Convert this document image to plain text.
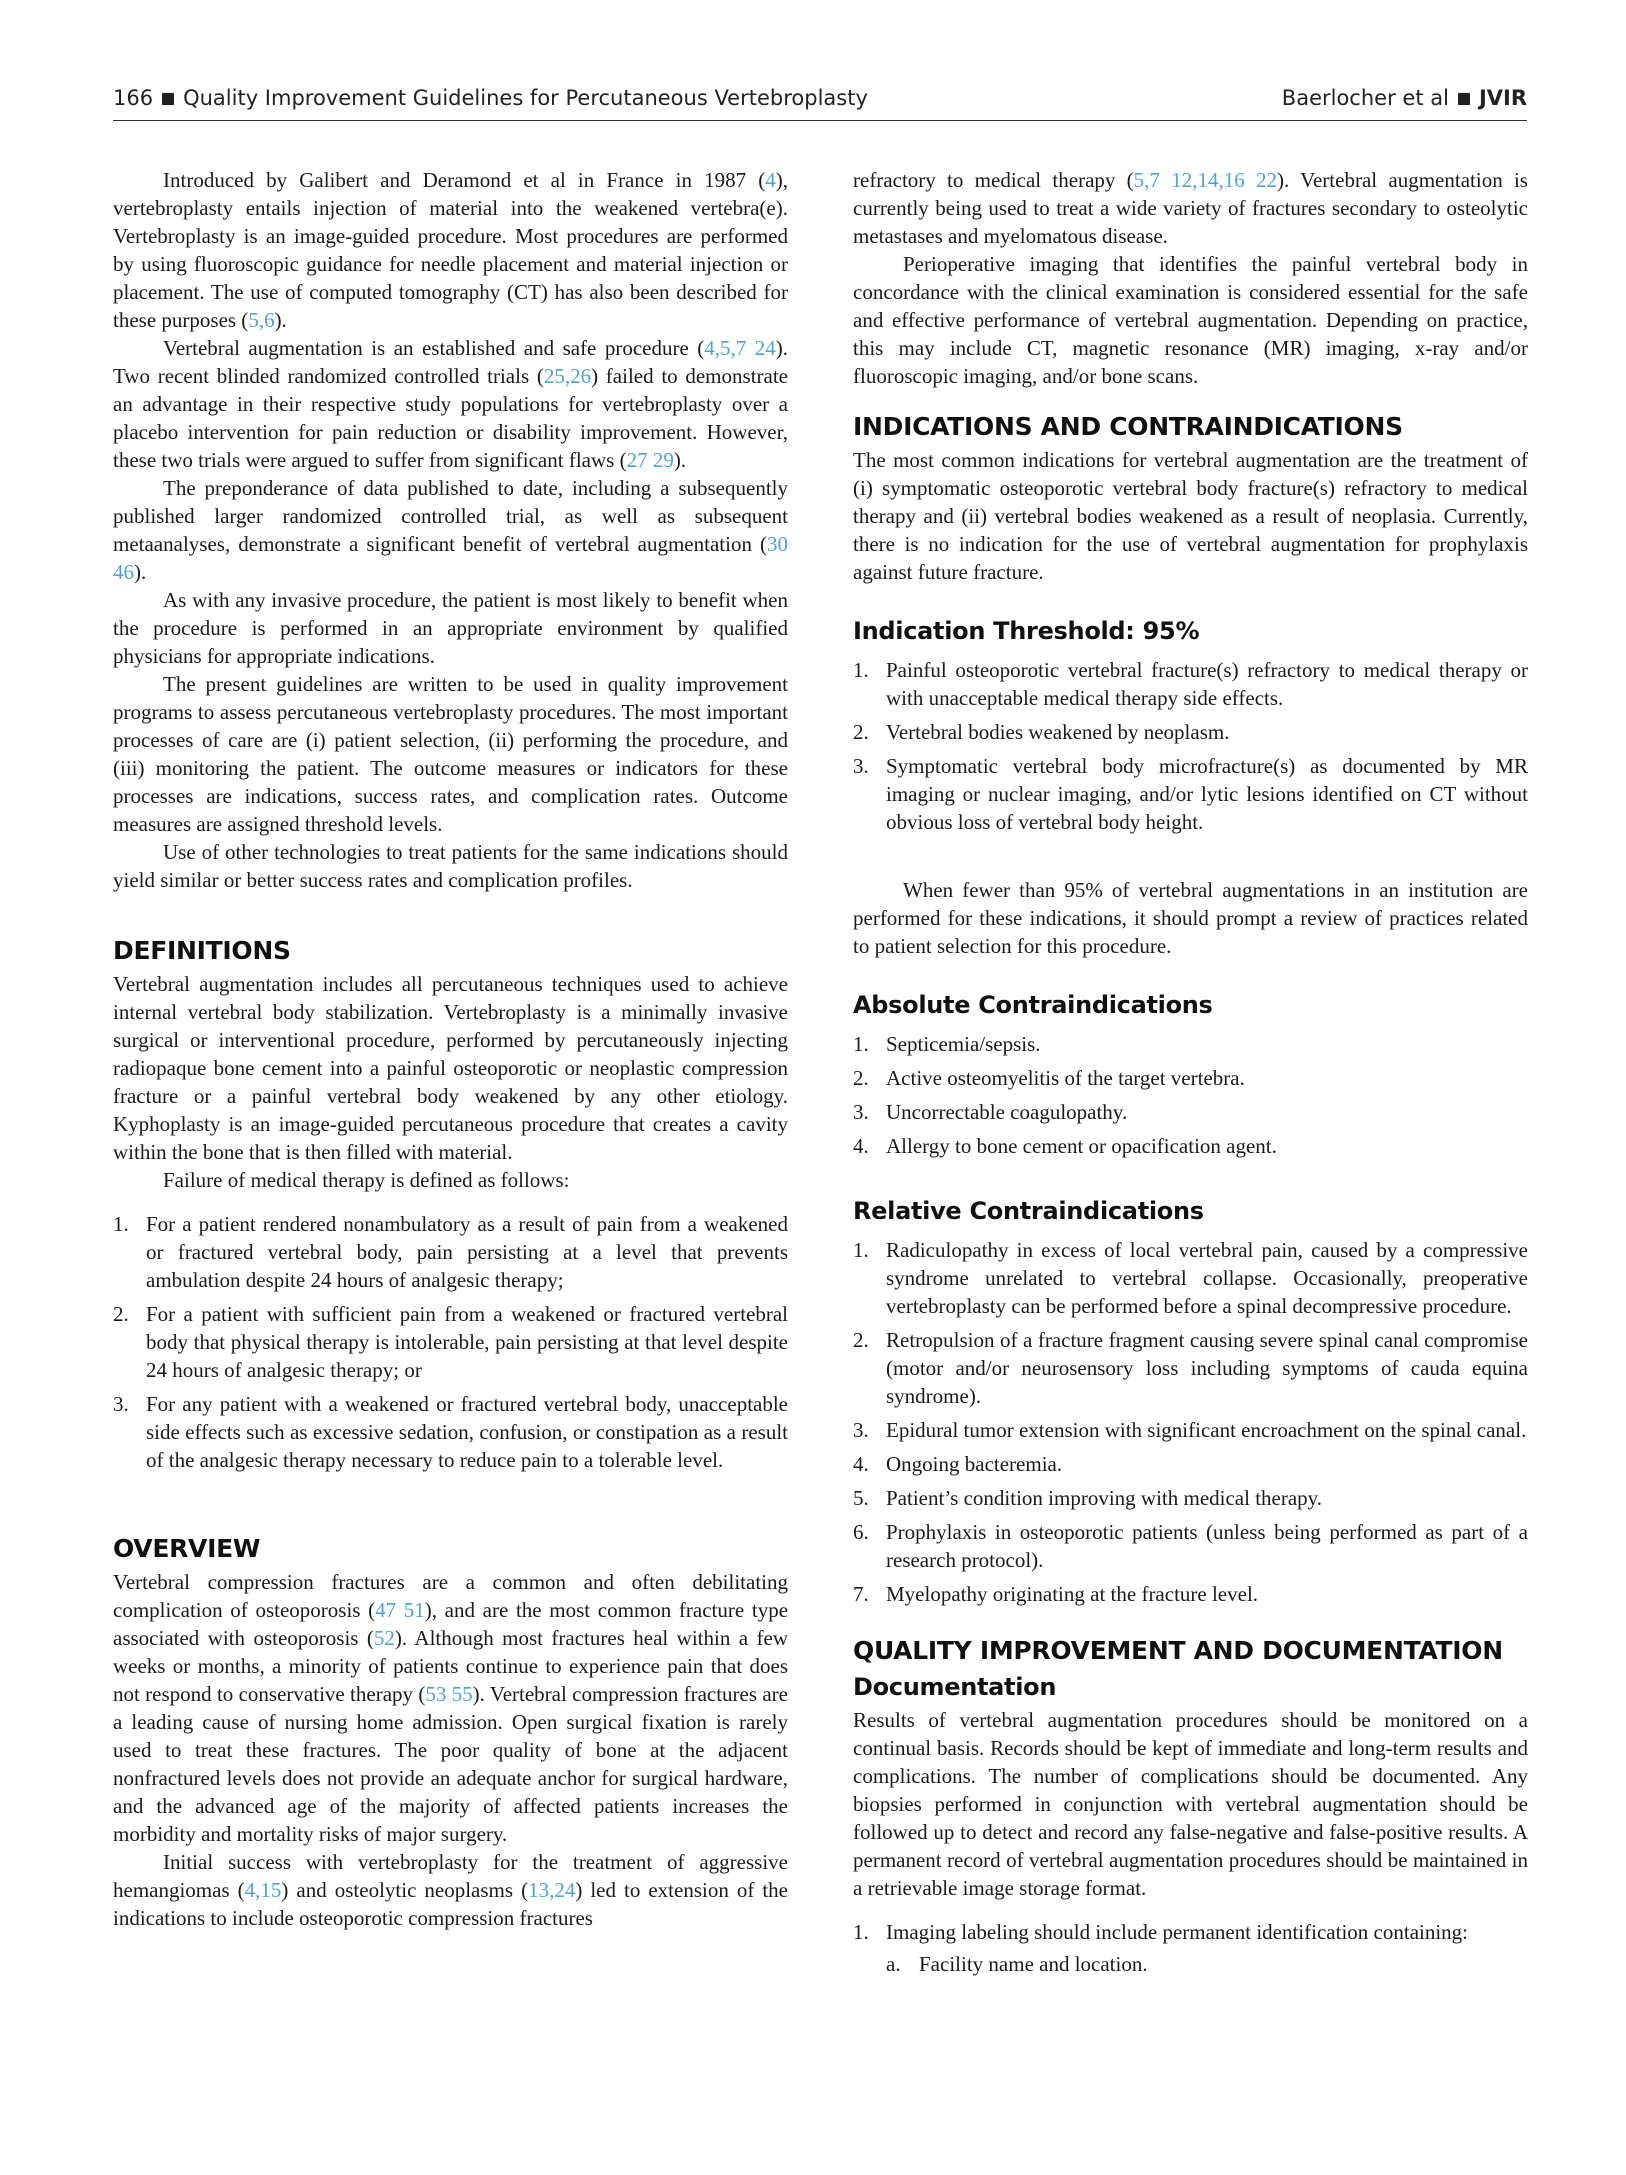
166 Quality Improvement Guidelines for Percutaneous Vertebroplasty	Baerlocher et al JVIR

Introduced by Galibert and Deramond et al in France in 1987 (4), vertebroplasty entails injection of material into the weakened vertebra(e). Vertebroplasty is an image-guided procedure. Most procedures are performed by using fluoroscopic guidance for needle placement and material injection or placement. The use of computed tomography (CT) has also been described for these purposes (5,6).

Vertebral augmentation is an established and safe procedure (4,5,7 24). Two recent blinded randomized controlled trials (25,26) failed to demonstrate an advantage in their respective study populations for vertebroplasty over a placebo intervention for pain reduction or disability improvement. However, these two trials were argued to suffer from significant flaws (27 29).

The preponderance of data published to date, including a subsequently published larger randomized controlled trial, as well as subsequent metaanalyses, demonstrate a significant benefit of vertebral augmentation (30 46).

As with any invasive procedure, the patient is most likely to benefit when the procedure is performed in an appropriate environment by qualified physicians for appropriate indications.

The present guidelines are written to be used in quality improvement programs to assess percutaneous vertebroplasty procedures. The most important processes of care are (i) patient selection, (ii) performing the procedure, and (iii) monitoring the patient. The outcome measures or indicators for these processes are indications, success rates, and complication rates. Outcome measures are assigned threshold levels.

Use of other technologies to treat patients for the same indications should yield similar or better success rates and complication profiles.

DEFINITIONS

Vertebral augmentation includes all percutaneous techniques used to achieve internal vertebral body stabilization. Vertebroplasty is a minimally invasive surgical or interventional procedure, performed by percutaneously injecting radiopaque bone cement into a painful osteoporotic or neoplastic compression fracture or a painful vertebral body weakened by any other etiology. Kyphoplasty is an image-guided percutaneous procedure that creates a cavity within the bone that is then filled with material.

Failure of medical therapy is defined as follows:

1. For a patient rendered nonambulatory as a result of pain from a weakened or fractured vertebral body, pain persisting at a level that prevents ambulation despite 24 hours of analgesic therapy;
2. For a patient with sufficient pain from a weakened or fractured vertebral body that physical therapy is intolerable, pain persisting at that level despite 24 hours of analgesic therapy; or
3. For any patient with a weakened or fractured vertebral body, unacceptable side effects such as excessive sedation, confusion, or constipation as a result of the analgesic therapy necessary to reduce pain to a tolerable level.
OVERVIEW

Vertebral compression fractures are a common and often debilitating complication of osteoporosis (47 51), and are the most common fracture type associated with osteoporosis (52). Although most fractures heal within a few weeks or months, a minority of patients continue to experience pain that does not respond to conservative therapy (53 55). Vertebral compression fractures are a leading cause of nursing home admission. Open surgical fixation is rarely used to treat these fractures. The poor quality of bone at the adjacent nonfractured levels does not provide an adequate anchor for surgical hardware, and the advanced age of the majority of affected patients increases the morbidity and mortality risks of major surgery.

Initial success with vertebroplasty for the treatment of aggressive hemangiomas (4,15) and osteolytic neoplasms (13,24) led to extension of the indications to include osteoporotic compression fractures

refractory to medical therapy (5,7 12,14,16 22). Vertebral augmentation is currently being used to treat a wide variety of fractures secondary to osteolytic metastases and myelomatous disease.

Perioperative imaging that identifies the painful vertebral body in concordance with the clinical examination is considered essential for the safe and effective performance of vertebral augmentation. Depending on practice, this may include CT, magnetic resonance (MR) imaging, x-ray and/or fluoroscopic imaging, and/or bone scans.

INDICATIONS AND CONTRAINDICATIONS

The most common indications for vertebral augmentation are the treatment of (i) symptomatic osteoporotic vertebral body fracture(s) refractory to medical therapy and (ii) vertebral bodies weakened as a result of neoplasia. Currently, there is no indication for the use of vertebral augmentation for prophylaxis against future fracture.

Indication Threshold: 95%
1. Painful osteoporotic vertebral fracture(s) refractory to medical therapy or with unacceptable medical therapy side effects.
2. Vertebral bodies weakened by neoplasm.
3. Symptomatic vertebral body microfracture(s) as documented by MR imaging or nuclear imaging, and/or lytic lesions identified on CT without obvious loss of vertebral body height.

When fewer than 95% of vertebral augmentations in an institution are performed for these indications, it should prompt a review of practices related to patient selection for this procedure.

Absolute Contraindications
1. Septicemia/sepsis.
2. Active osteomyelitis of the target vertebra.
3. Uncorrectable coagulopathy.
4. Allergy to bone cement or opacification agent.
Relative Contraindications
1. Radiculopathy in excess of local vertebral pain, caused by a compressive syndrome unrelated to vertebral collapse. Occasionally, preoperative vertebroplasty can be performed before a spinal decompressive procedure.
2. Retropulsion of a fracture fragment causing severe spinal canal compromise (motor and/or neurosensory loss including symptoms of cauda equina syndrome).
3. Epidural tumor extension with significant encroachment on the spinal canal.
4. Ongoing bacteremia.
5. Patient’s condition improving with medical therapy.
6. Prophylaxis in osteoporotic patients (unless being performed as part of a research protocol).
7. Myelopathy originating at the fracture level.
QUALITY IMPROVEMENT AND DOCUMENTATION
Documentation

Results of vertebral augmentation procedures should be monitored on a continual basis. Records should be kept of immediate and long-term results and complications. The number of complications should be documented. Any biopsies performed in conjunction with vertebral augmentation should be followed up to detect and record any false-negative and false-positive results. A permanent record of vertebral augmentation procedures should be maintained in a retrievable image storage format.

1. Imaging labeling should include permanent identification containing:
a. Facility name and location.
